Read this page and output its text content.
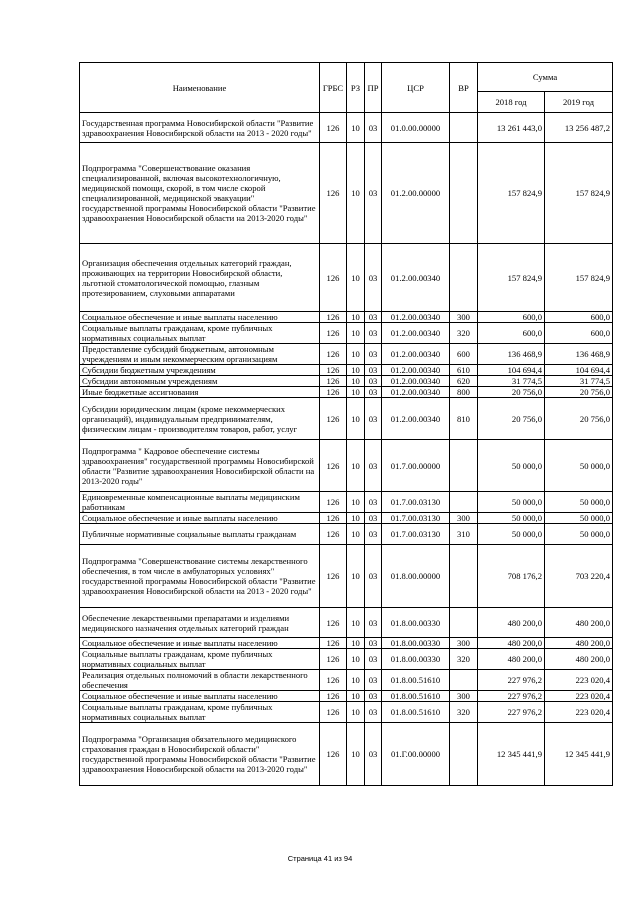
Наименование	ГРБС	РЗ	ПР	ЦСР	ВР	Сумма	
						2018 год	2019 год
Государственная программа Новосибирской области "Развитие здравоохранения Новосибирской области на 2013 - 2020 годы"	126	10	03	01.0.00.00000		13 261 443,0	13 256 487,2
Подпрограмма "Совершенствование оказания специализированной, включая высокотехнологичную, медицинской помощи, скорой, в том числе скорой специализированной, медицинской эвакуации" государственной программы Новосибирской области "Развитие здравоохранения Новосибирской области на 2013-2020 годы"	126	10	03	01.2.00.00000		157 824,9	157 824,9
Организация обеспечения отдельных категорий граждан, проживающих на территории Новосибирской области, льготной стоматологической помощью, глазным протезированием, слуховыми аппаратами	126	10	03	01.2.00.00340		157 824,9	157 824,9
Социальное обеспечение и иные выплаты населению	126	10	03	01.2.00.00340	300	600,0	600,0
Социальные выплаты гражданам, кроме публичных нормативных социальных выплат	126	10	03	01.2.00.00340	320	600,0	600,0
Предоставление субсидий бюджетным, автономным учреждениям и иным некоммерческим организациям	126	10	03	01.2.00.00340	600	136 468,9	136 468,9
Субсидии бюджетным учреждениям	126	10	03	01.2.00.00340	610	104 694,4	104 694,4
Субсидии автономным учреждениям	126	10	03	01.2.00.00340	620	31 774,5	31 774,5
Иные бюджетные ассигнования	126	10	03	01.2.00.00340	800	20 756,0	20 756,0
Субсидии юридическим лицам (кроме некоммерческих организаций), индивидуальным предпринимателям, физическим лицам - производителям товаров, работ, услуг	126	10	03	01.2.00.00340	810	20 756,0	20 756,0
Подпрограмма " Кадровое обеспечение системы здравоохранения" государственной программы Новосибирской области "Развитие здравоохранения Новосибирской области на 2013-2020 годы"	126	10	03	01.7.00.00000		50 000,0	50 000,0
Единовременные компенсационные выплаты медицинским работникам	126	10	03	01.7.00.03130		50 000,0	50 000,0
Социальное обеспечение и иные выплаты населению	126	10	03	01.7.00.03130	300	50 000,0	50 000,0
Публичные нормативные социальные выплаты гражданам	126	10	03	01.7.00.03130	310	50 000,0	50 000,0
Подпрограмма "Совершенствование системы лекарственного обеспечения, в том числе в амбулаторных условиях" государственной программы Новосибирской области "Развитие здравоохранения Новосибирской области на 2013 - 2020 годы"	126	10	03	01.8.00.00000		708 176,2	703 220,4
Обеспечение лекарственными препаратами и изделиями медицинского назначения отдельных категорий граждан	126	10	03	01.8.00.00330		480 200,0	480 200,0
Социальное обеспечение и иные выплаты населению	126	10	03	01.8.00.00330	300	480 200,0	480 200,0
Социальные выплаты гражданам, кроме публичных нормативных социальных выплат	126	10	03	01.8.00.00330	320	480 200,0	480 200,0
Реализация отдельных полномочий в области лекарственного обеспечения	126	10	03	01.8.00.51610		227 976,2	223 020,4
Социальное обеспечение и иные выплаты населению	126	10	03	01.8.00.51610	300	227 976,2	223 020,4
Социальные выплаты гражданам, кроме публичных нормативных социальных выплат	126	10	03	01.8.00.51610	320	227 976,2	223 020,4
Подпрограмма "Организация обязательного медицинского страхования граждан в Новосибирской области" государственной программы Новосибирской области "Развитие здравоохранения Новосибирской области на 2013-2020 годы"	126	10	03	01.Г.00.00000		12 345 441,9	12 345 441,9
Страница 41 из 94
